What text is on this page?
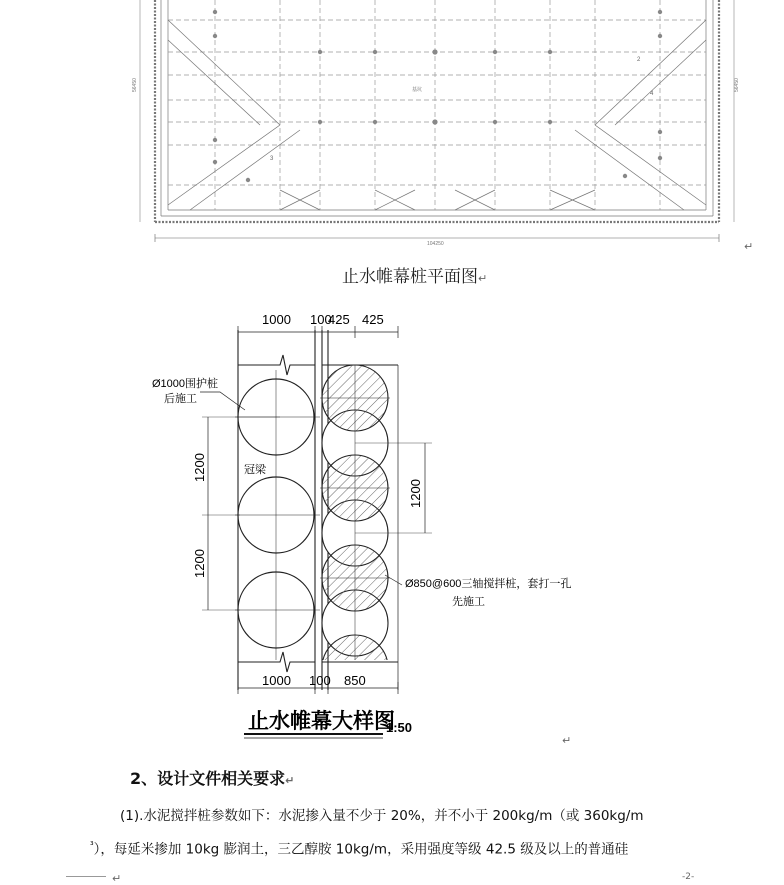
基坑
2
4
3
104250
56450	56450
↵
止水帷幕桩平面图↵
1000 100
425 425
1000 100 850
1200
1200
1200
Ø1000围护桩
后施工
冠梁
Ø850@600三轴搅拌桩，套打一孔
先施工
止水帷幕大样图
1:50
↵
2、设计文件相关要求↵
(1).水泥搅拌桩参数如下：水泥掺入量不少于 20%，并不小于 200kg/m（或 360kg/m
$^{^3}$），每延米掺加 10kg 膨润土，三乙醇胺 10kg/m，采用强度等级 42.5 级及以上的普通硅
↵	-2-
